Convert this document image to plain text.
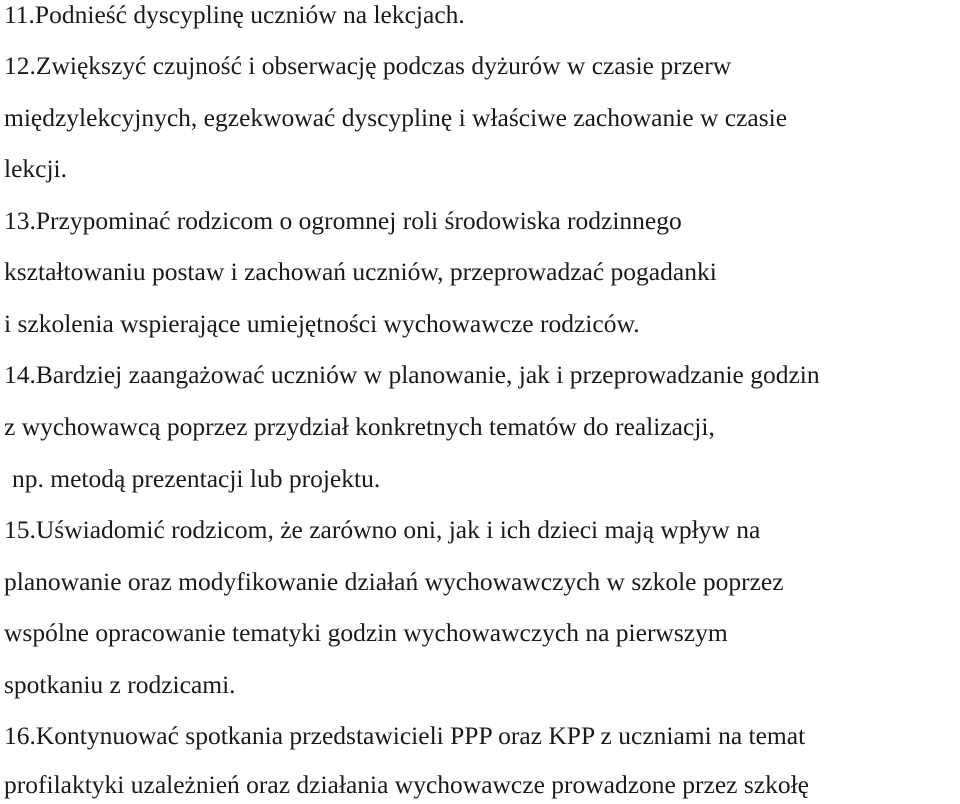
11.Podnieść dyscyplinę uczniów na lekcjach.
12.Zwiększyć czujność i obserwację podczas dyżurów w czasie przerw
międzylekcyjnych, egzekwować dyscyplinę i właściwe zachowanie w czasie
lekcji.
13.Przypominać rodzicom o ogromnej roli środowiska rodzinnego
kształtowaniu postaw i zachowań uczniów, przeprowadzać pogadanki
i szkolenia wspierające umiejętności wychowawcze rodziców.
14.Bardziej zaangażować uczniów w planowanie, jak i przeprowadzanie godzin
z wychowawcą poprzez przydział konkretnych tematów do realizacji,
np. metodą prezentacji lub projektu.
15.Uświadomić rodzicom, że zarówno oni, jak i ich dzieci mają wpływ na
planowanie oraz modyfikowanie działań wychowawczych w szkole poprzez
wspólne opracowanie tematyki godzin wychowawczych na pierwszym
spotkaniu z rodzicami.
16.Kontynuować spotkania przedstawicieli PPP oraz KPP z uczniami na temat
profilaktyki uzależnień oraz działania wychowawcze prowadzone przez szkołę
